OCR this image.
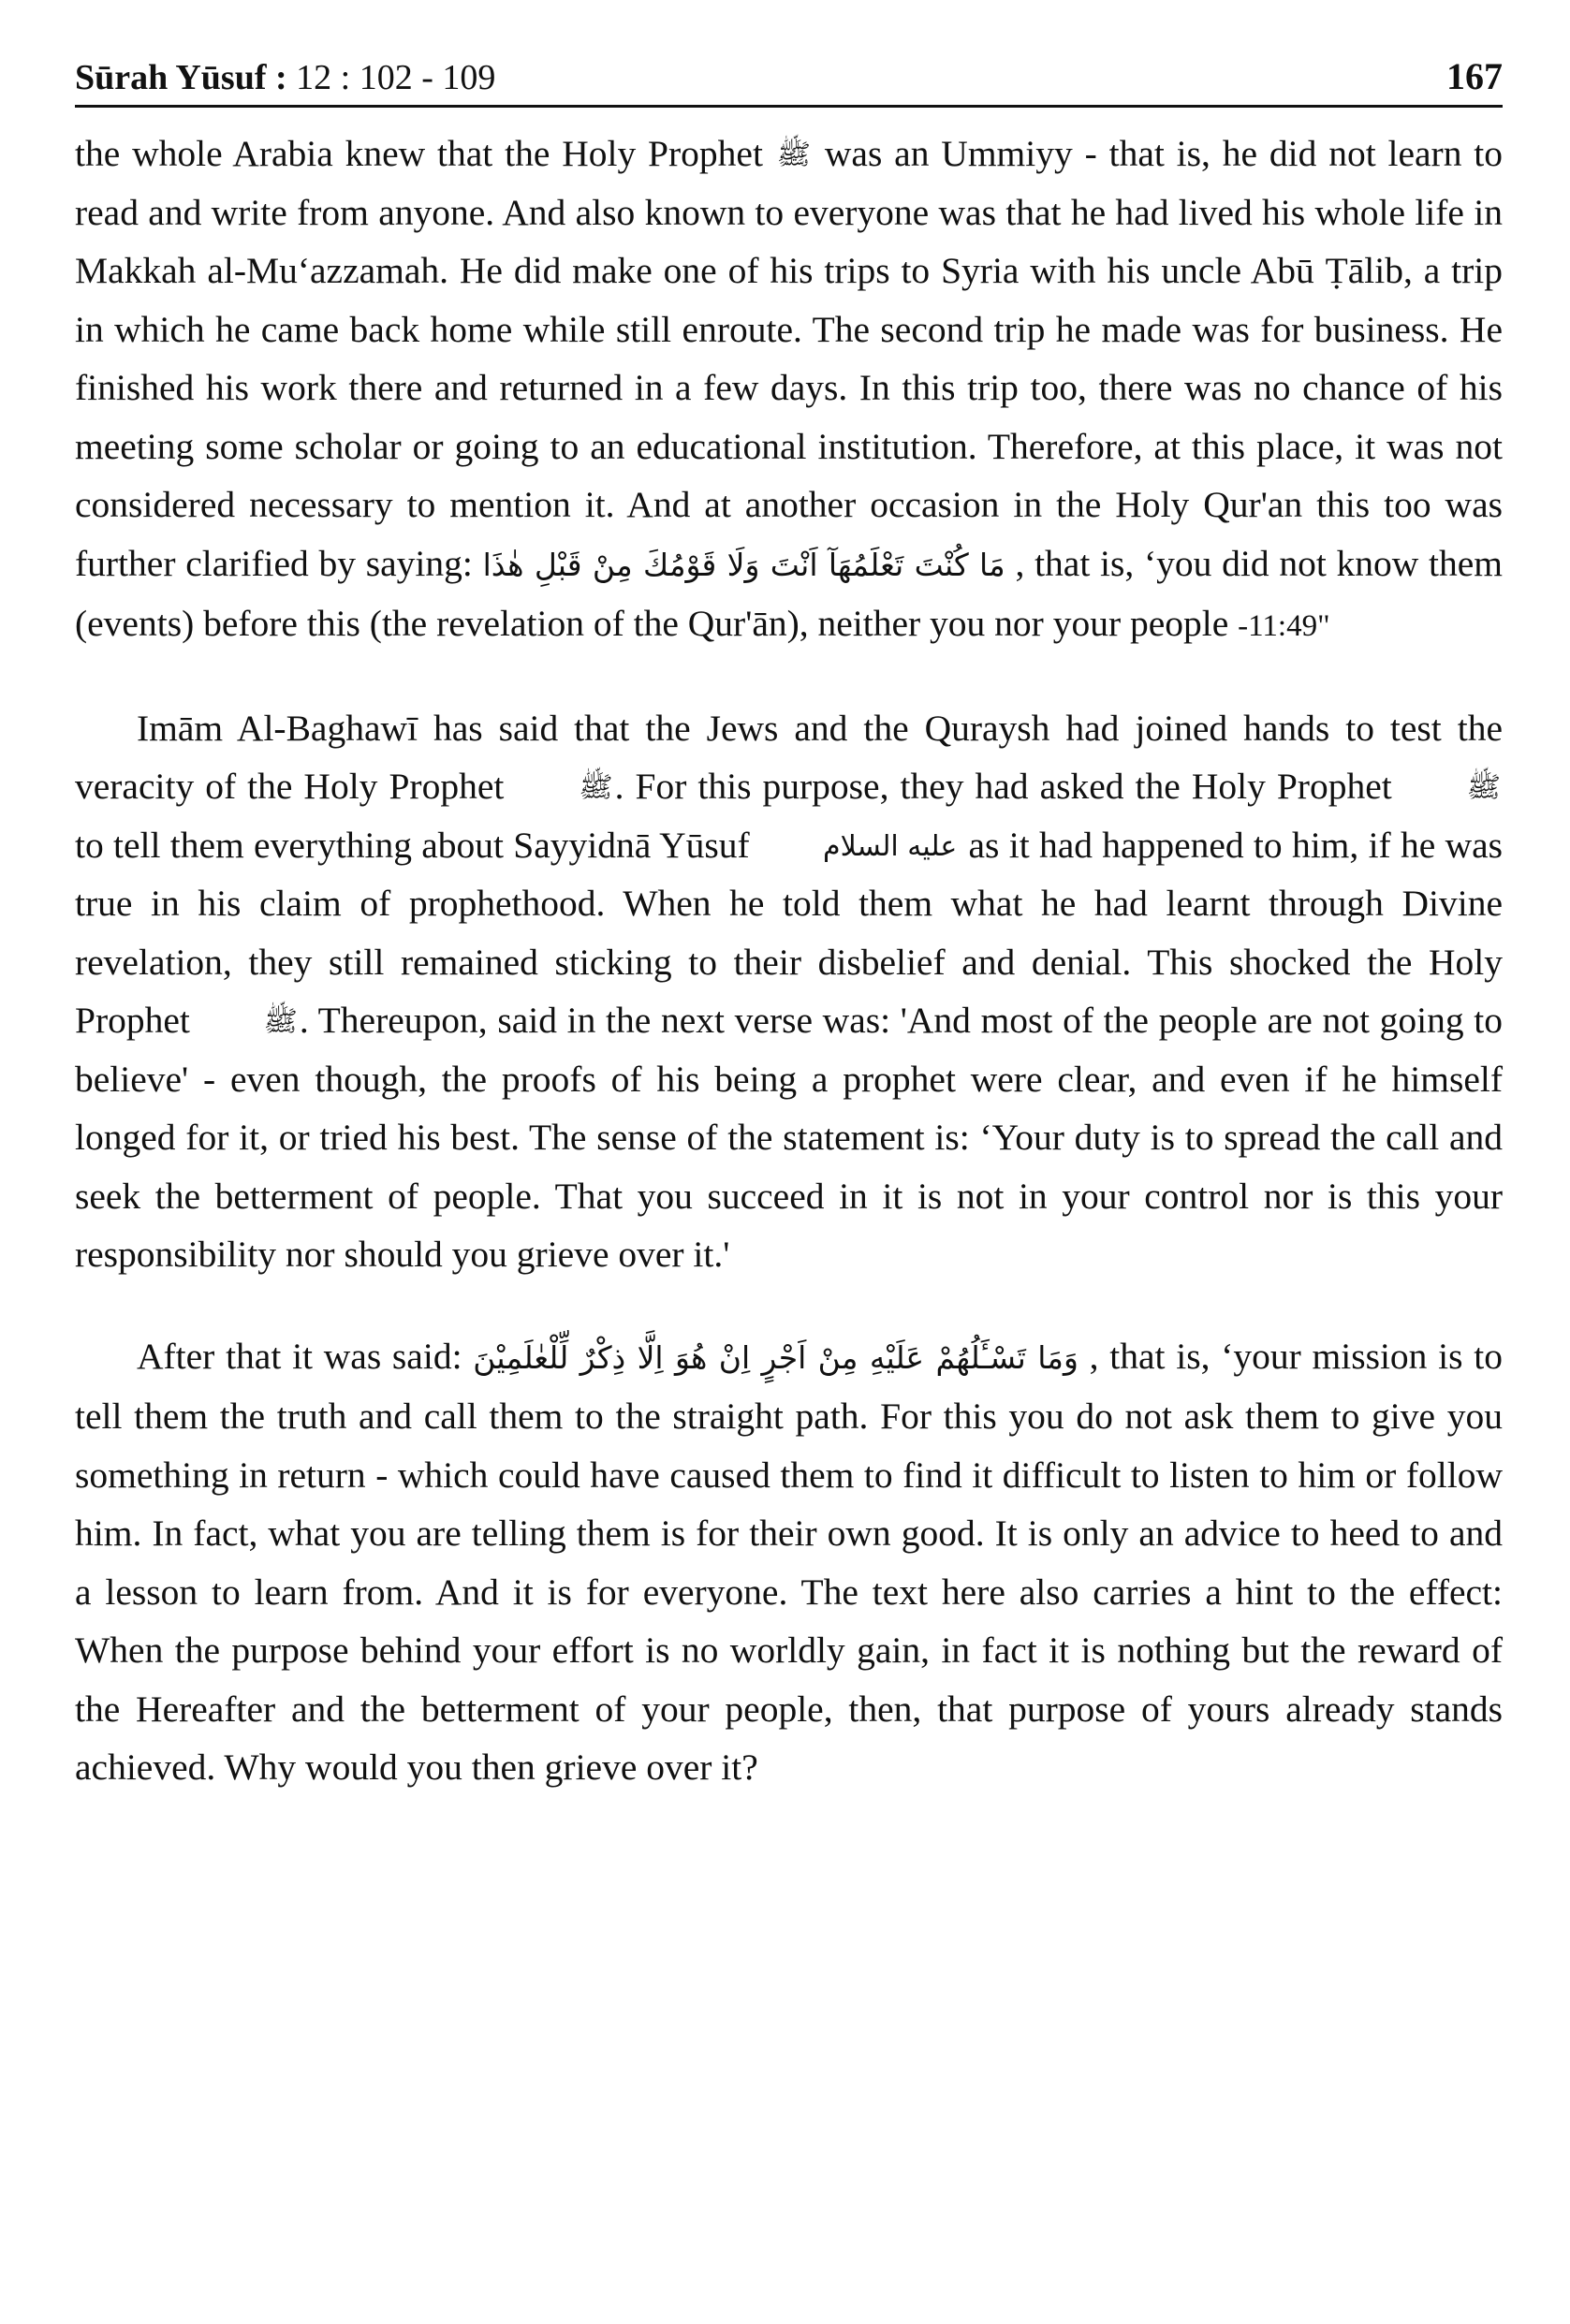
Sūrah Yūsuf : 12 : 102 - 109	167

the whole Arabia knew that the Holy Prophet ﷺ was an Ummiyy - that is, he did not learn to read and write from anyone. And also known to everyone was that he had lived his whole life in Makkah al-Mu‘azzamah. He did make one of his trips to Syria with his uncle Abū Ṭālib, a trip in which he came back home while still enroute. The second trip he made was for business. He finished his work there and returned in a few days. In this trip too, there was no chance of his meeting some scholar or going to an educational institution. Therefore, at this place, it was not considered necessary to mention it. And at another occasion in the Holy Qur'an this too was further clarified by saying: مَا كُنْتَ تَعْلَمُهَآ اَنْتَ وَلَا قَوْمُكَ مِنْ قَبْلِ هٰذَا , that is, ‘you did not know them (events) before this (the revelation of the Qur'ān), neither you nor your people -11:49"

Imām Al-Baghawī has said that the Jews and the Quraysh had joined hands to test the veracity of the Holy Prophet	ﷺ. For this purpose, they had asked the Holy Prophet	ﷺ to tell them everything about Sayyidnā Yūsuf	عليه السلام as it had happened to him, if he was true in his claim of prophethood. When he told them what he had learnt through Divine revelation, they still remained sticking to their disbelief and denial. This shocked the Holy Prophet	ﷺ. Thereupon, said in the next verse was: 'And most of the people are not going to believe' - even though, the proofs of his being a prophet were clear, and even if he himself longed for it, or tried his best. The sense of the statement is: ‘Your duty is to spread the call and seek the betterment of people. That you succeed in it is not in your control nor is this your responsibility nor should you grieve over it.'

After that it was said: وَمَا تَسْـَٔلُهُمْ عَلَيْهِ مِنْ اَجْرٍ اِنْ هُوَ اِلَّا ذِكْرٌ لِّلْعٰلَمِيْنَ , that is, ‘your mission is to tell them the truth and call them to the straight path. For this you do not ask them to give you something in return - which could have caused them to find it difficult to listen to him or follow him. In fact, what you are telling them is for their own good. It is only an advice to heed to and a lesson to learn from. And it is for everyone. The text here also carries a hint to the effect: When the purpose behind your effort is no worldly gain, in fact it is nothing but the reward of the Hereafter and the betterment of your people, then, that purpose of yours already stands achieved. Why would you then grieve over it?
